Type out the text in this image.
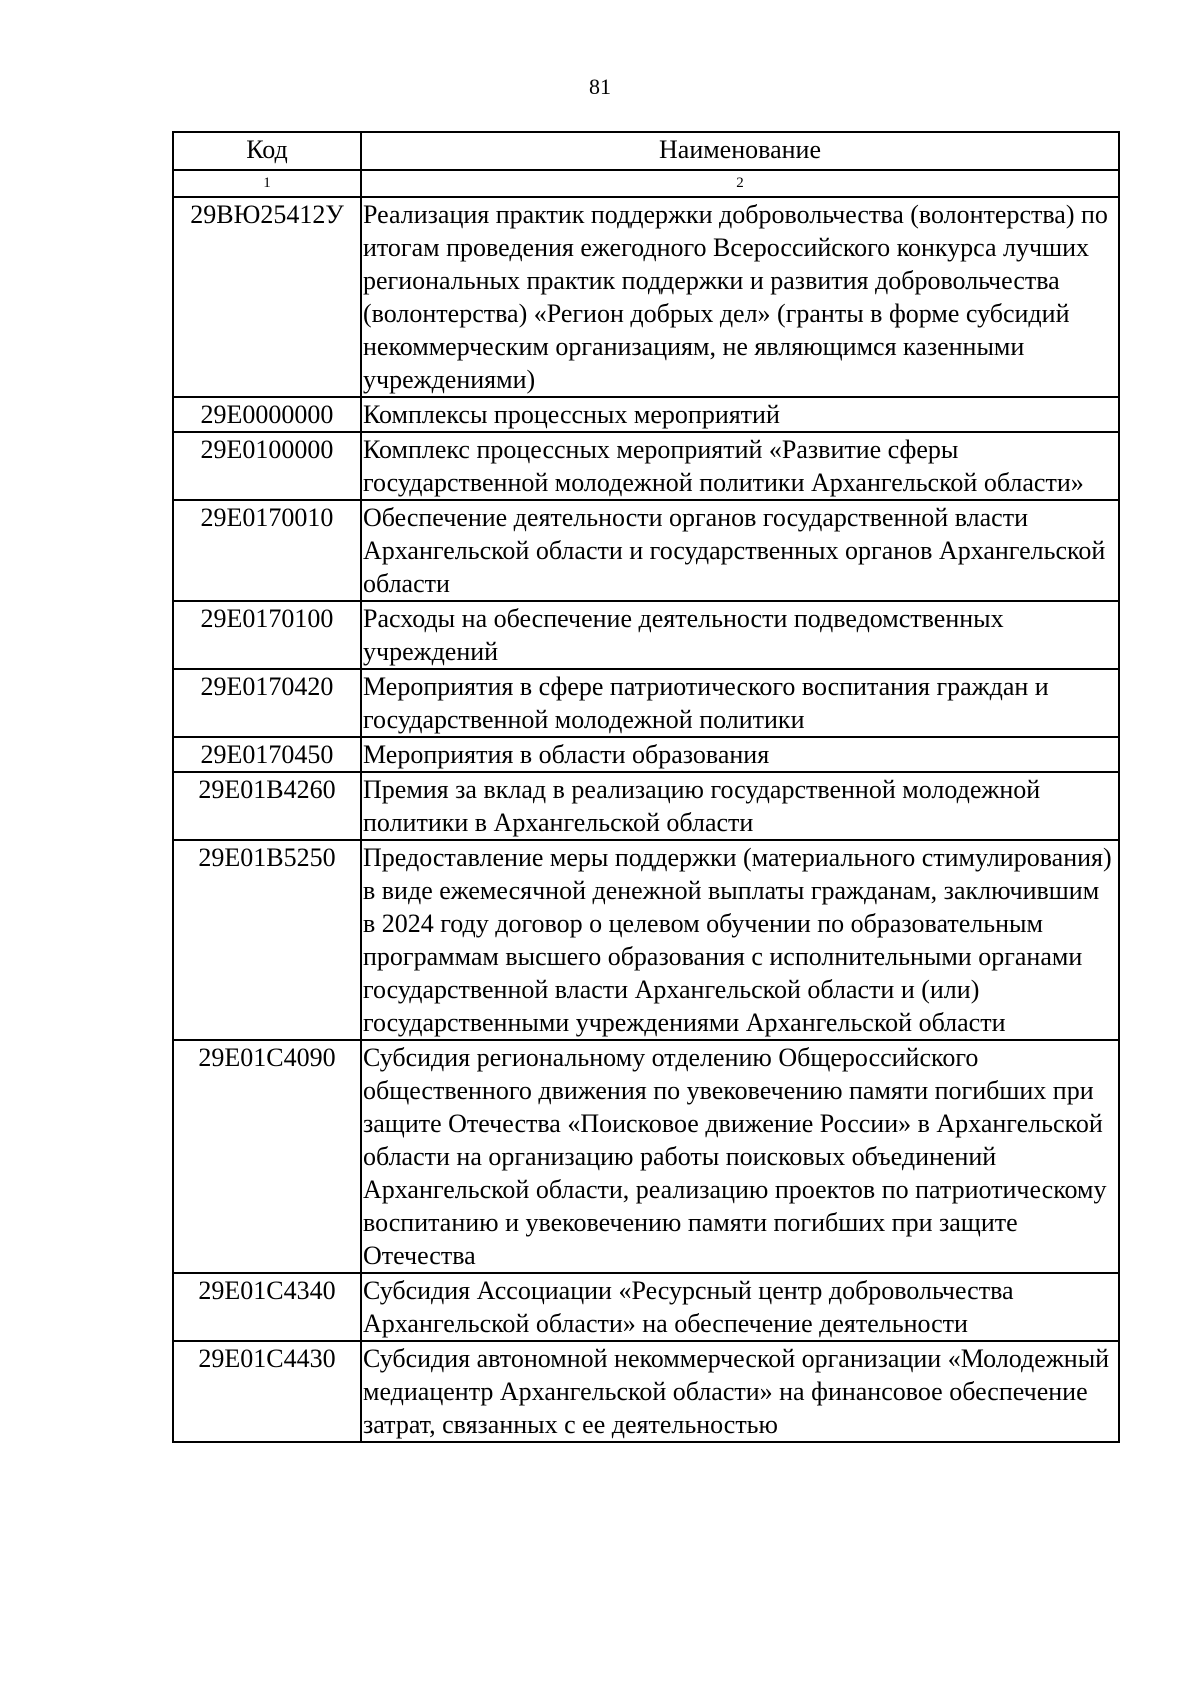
81
Код	Наименование
1	2
29ВЮ25412У	Реализация практик поддержки добровольчества (волонтерства) по итогам проведения ежегодного Всероссийского конкурса лучших региональных практик поддержки и развития добровольчества (волонтерства) «Регион добрых дел» (гранты в форме субсидий некоммерческим организациям, не являющимся казенными учреждениями)
29Е0000000	Комплексы процессных мероприятий
29Е0100000	Комплекс процессных мероприятий «Развитие сферы государственной молодежной политики Архангельской области»
29Е0170010	Обеспечение деятельности органов государственной власти Архангельской области и государственных органов Архангельской области
29Е0170100	Расходы на обеспечение деятельности подведомственных учреждений
29Е0170420	Мероприятия в сфере патриотического воспитания граждан и государственной молодежной политики
29Е0170450	Мероприятия в области образования
29Е01В4260	Премия за вклад в реализацию государственной молодежной политики в Архангельской области
29Е01В5250	Предоставление меры поддержки (материального стимулирования) в виде ежемесячной денежной выплаты гражданам, заключившим в 2024 году договор о целевом обучении по образовательным программам высшего образования с исполнительными органами государственной власти Архангельской области и (или) государственными учреждениями Архангельской области
29Е01С4090	Субсидия региональному отделению Общероссийского общественного движения по увековечению памяти погибших при защите Отечества «Поисковое движение России» в Архангельской области на организацию работы поисковых объединений Архангельской области, реализацию проектов по патриотическому воспитанию и увековечению памяти погибших при защите Отечества
29Е01С4340	Субсидия Ассоциации «Ресурсный центр добровольчества Архангельской области» на обеспечение деятельности
29Е01С4430	Субсидия автономной некоммерческой организации «Молодежный медиацентр Архангельской области» на финансовое обеспечение затрат, связанных с ее деятельностью
